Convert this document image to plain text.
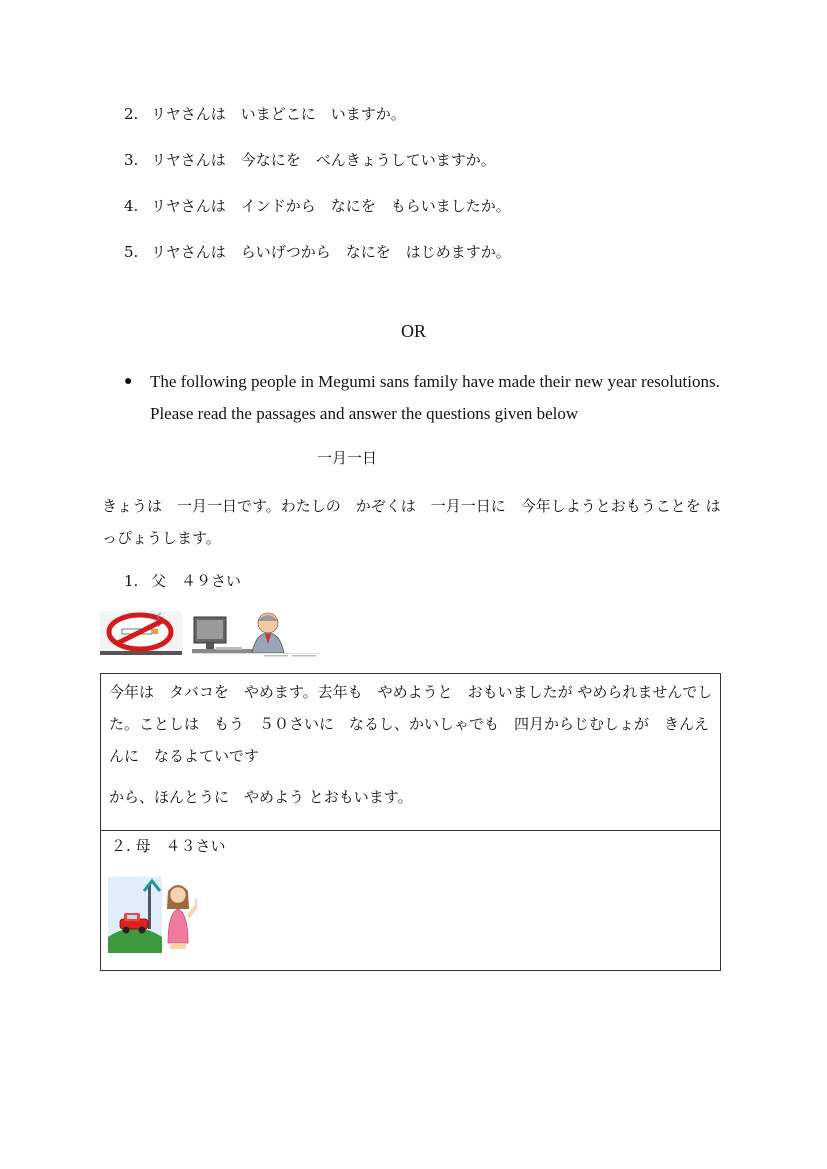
2. リヤさんは　いまどこに　いますか。
3. リヤさんは　今なにを　べんきょうしていますか。
4. リヤさんは　インドから　なにを　もらいましたか。
5. リヤさんは　らいげつから　なにを　はじめますか。
OR
● The following people in Megumi sans family have made their new year resolutions. Please read the passages and answer the questions given below
一月一日
きょうは　一月一日です。わたしの　かぞくは　一月一日に　今年しようとおもうことを はっぴょうします。
1. 父　４９さい
今年は　タバコを　やめます。去年も　やめようと　おもいましたが やめられませんでした。ことしは　もう　５０さいに　なるし、かいしゃでも　四月からじむしょが　きんえんに　なるよていです
から、ほんとうに　やめよう とおもいます。
２. 母　４３さい
